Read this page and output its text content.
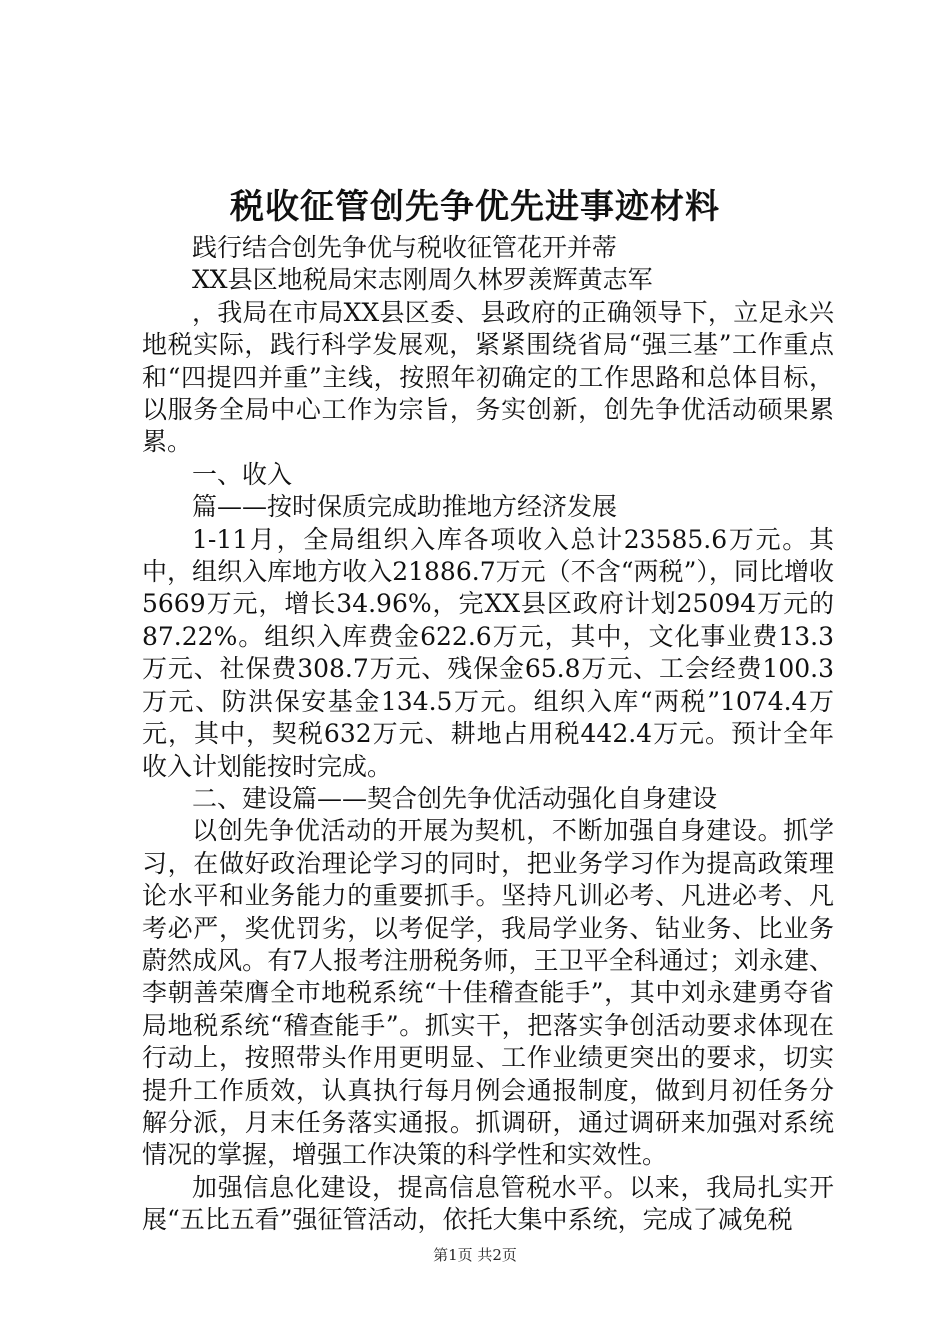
税收征管创先争优先进事迹材料

践行结合创先争优与税收征管花开并蒂

XX县区地税局宋志刚周久林罗羡辉黄志军

，我局在市局XX县区委、县政府的正确领导下，立足永兴地税实际，践行科学发展观，紧紧围绕省局“强三基”工作重点和“四提四并重”主线，按照年初确定的工作思路和总体目标，以服务全局中心工作为宗旨，务实创新，创先争优活动硕果累累。

一、收入

篇——按时保质完成助推地方经济发展

1-11月，全局组织入库各项收入总计23585.6万元。其中，组织入库地方收入21886.7万元（不含“两税”），同比增收5669万元，增长34.96%，完XX县区政府计划25094万元的87.22%。组织入库费金622.6万元，其中，文化事业费13.3万元、社保费308.7万元、残保金65.8万元、工会经费100.3万元、防洪保安基金134.5万元。组织入库“两税”1074.4万元，其中，契税632万元、耕地占用税442.4万元。预计全年收入计划能按时完成。

二、建设篇——契合创先争优活动强化自身建设

以创先争优活动的开展为契机，不断加强自身建设。抓学习，在做好政治理论学习的同时，把业务学习作为提高政策理论水平和业务能力的重要抓手。坚持凡训必考、凡进必考、凡考必严，奖优罚劣，以考促学，我局学业务、钻业务、比业务蔚然成风。有7人报考注册税务师，王卫平全科通过；刘永建、李朝善荣膺全市地税系统“十佳稽查能手”，其中刘永建勇夺省局地税系统“稽查能手”。抓实干，把落实争创活动要求体现在行动上，按照带头作用更明显、工作业绩更突出的要求，切实提升工作质效，认真执行每月例会通报制度，做到月初任务分解分派，月末任务落实通报。抓调研，通过调研来加强对系统情况的掌握，增强工作决策的科学性和实效性。

加强信息化建设，提高信息管税水平。以来，我局扎实开展“五比五看”强征管活动，依托大集中系统，完成了减免税

第1页 共2页
